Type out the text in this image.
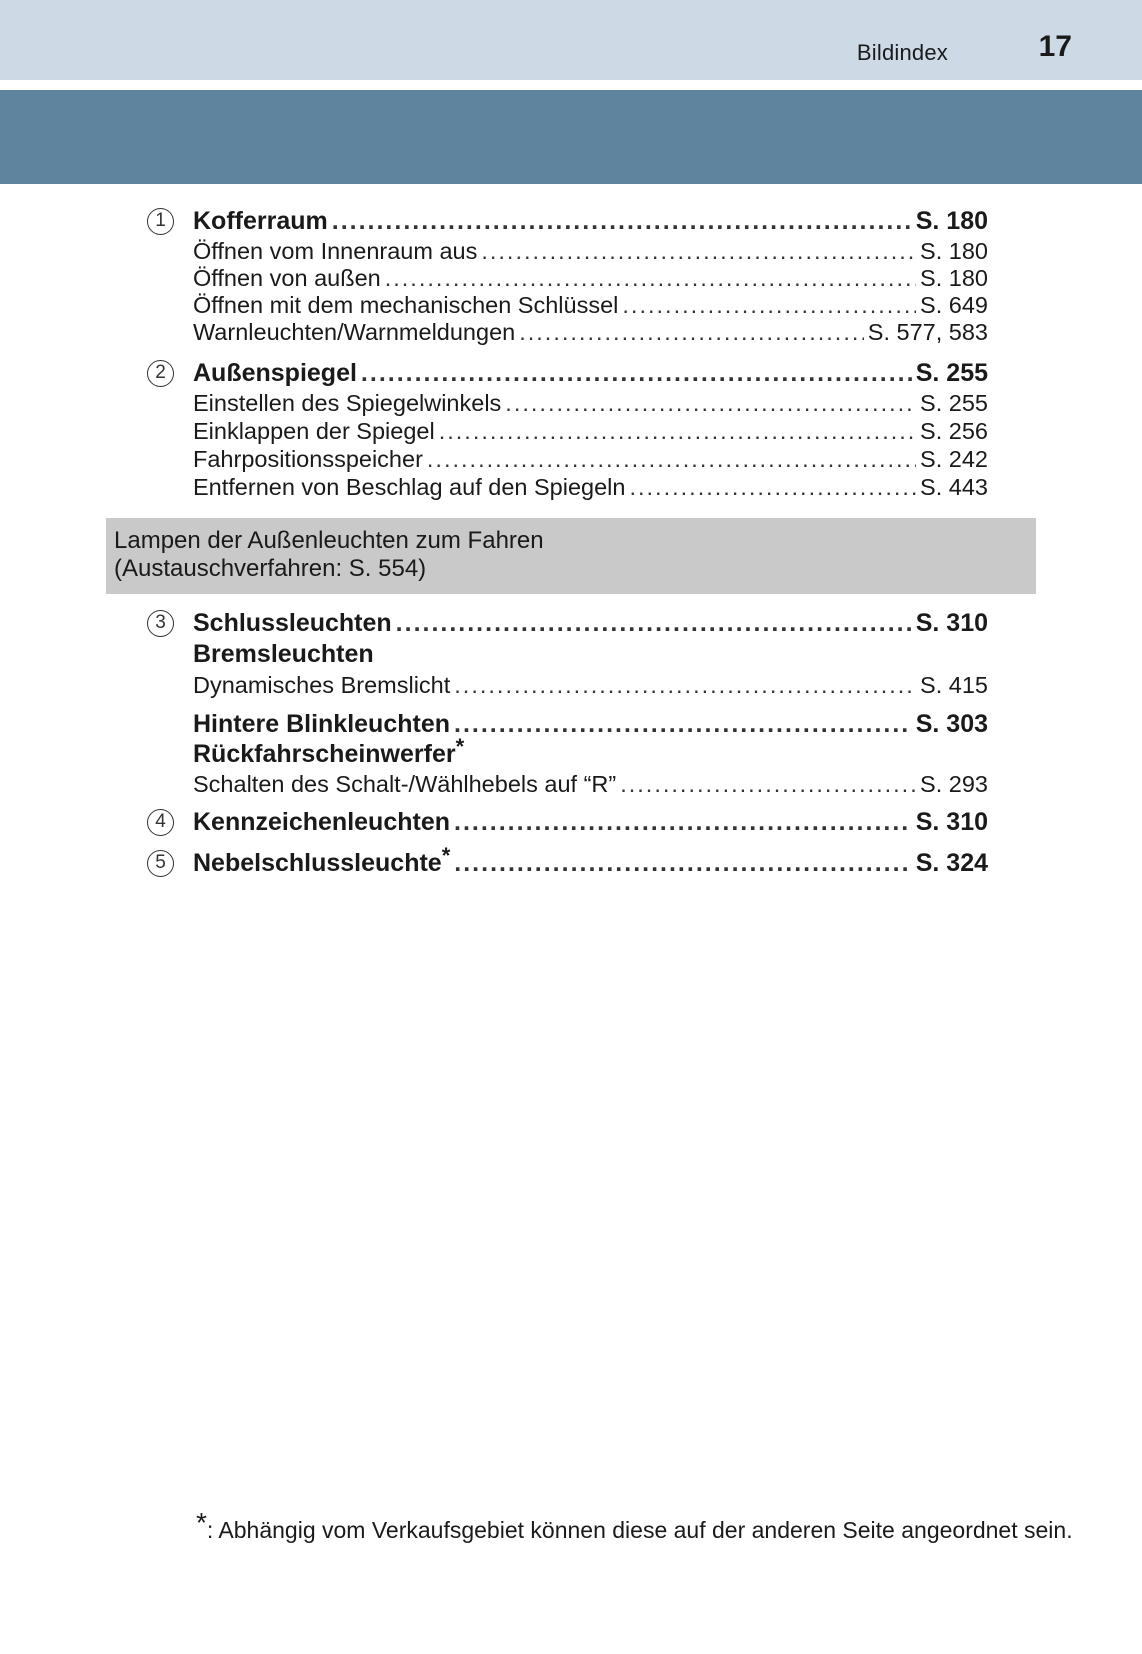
Bildindex	17
1	Kofferraum .....	S. 180
Öffnen vom Innenraum aus .....	S. 180
Öffnen von außen .....	S. 180
Öffnen mit dem mechanischen Schlüssel .....	S. 649
Warnleuchten/Warnmeldungen .....	S. 577, 583
2	Außenspiegel .....	S. 255
Einstellen des Spiegelwinkels .....	S. 255
Einklappen der Spiegel .....	S. 256
Fahrpositionsspeicher .....	S. 242
Entfernen von Beschlag auf den Spiegeln .....	S. 443
Lampen der Außenleuchten zum Fahren
(Austauschverfahren: S. 554)
3	Schlussleuchten .....	S. 310
Bremsleuchten
Dynamisches Bremslicht .....	S. 415
Hintere Blinkleuchten .....	S. 303
Rückfahrscheinwerfer*
Schalten des Schalt-/Wählhebels auf “R” .....	S. 293
4	Kennzeichenleuchten .....	S. 310
5	Nebelschlussleuchte* .....	S. 324
*: Abhängig vom Verkaufsgebiet können diese auf der anderen Seite angeordnet sein.
